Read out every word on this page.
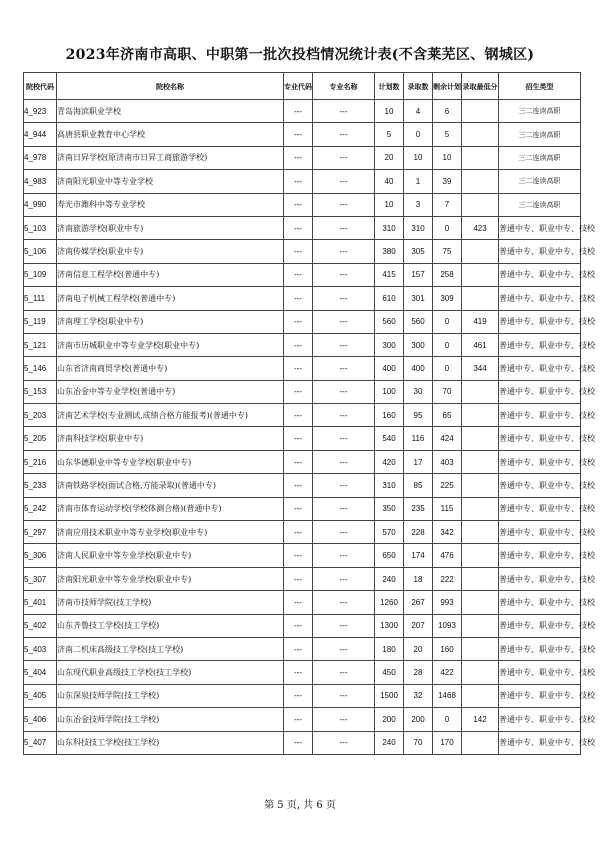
2023年济南市高职、中职第一批次投档情况统计表(不含莱芜区、钢城区)
院校代码	院校名称	专业代码	专业名称	计划数	录取数	剩余计划	录取最低分	招生类型
4_923	青岛海滨职业学校	---	---	10	4	6		三二连读高职
4_944	高唐县职业教育中心学校	---	---	5	0	5		三二连读高职
4_978	济南日昇学校(原济南市日昇工商旅游学校)	---	---	20	10	10		三二连读高职
4_983	济南阳光职业中等专业学校	---	---	40	1	39		三二连读高职
4_990	寿光市潍科中等专业学校	---	---	10	3	7		三二连读高职
5_103	济南旅游学校(职业中专)	---	---	310	310	0	423	普通中专、职业中专、技校
5_106	济南传媒学校(职业中专)	---	---	380	305	75		普通中专、职业中专、技校
5_109	济南信息工程学校(普通中专)	---	---	415	157	258		普通中专、职业中专、技校
5_111	济南电子机械工程学校(普通中专)	---	---	610	301	309		普通中专、职业中专、技校
5_119	济南理工学校(职业中专)	---	---	560	560	0	419	普通中专、职业中专、技校
5_121	济南市历城职业中等专业学校(职业中专)	---	---	300	300	0	461	普通中专、职业中专、技校
5_146	山东省济南商贸学校(普通中专)	---	---	400	400	0	344	普通中专、职业中专、技校
5_153	山东冶金中等专业学校(普通中专)	---	---	100	30	70		普通中专、职业中专、技校
5_203	济南艺术学校(专业测试,成绩合格方能报考)(普通中专)	---	---	160	95	65		普通中专、职业中专、技校
5_205	济南科技学校(职业中专)	---	---	540	116	424		普通中专、职业中专、技校
5_216	山东华德职业中等专业学校(职业中专)	---	---	420	17	403		普通中专、职业中专、技校
5_233	济南铁路学校(面试合格,方能录取)(普通中专)	---	---	310	85	225		普通中专、职业中专、技校
5_242	济南市体育运动学校(学校体测合格)(普通中专)	---	---	350	235	115		普通中专、职业中专、技校
5_297	济南应用技术职业中等专业学校(职业中专)	---	---	570	228	342		普通中专、职业中专、技校
5_306	济南人民职业中等专业学校(职业中专)	---	---	650	174	476		普通中专、职业中专、技校
5_307	济南阳光职业中等专业学校(职业中专)	---	---	240	18	222		普通中专、职业中专、技校
5_401	济南市技师学院(技工学校)	---	---	1260	267	993		普通中专、职业中专、技校
5_402	山东齐鲁技工学校(技工学校)	---	---	1300	207	1093		普通中专、职业中专、技校
5_403	济南二机床高级技工学校(技工学校)	---	---	180	20	160		普通中专、职业中专、技校
5_404	山东现代职业高级技工学校(技工学校)	---	---	450	28	422		普通中专、职业中专、技校
5_405	山东深泉技师学院(技工学校)	---	---	1500	32	1468		普通中专、职业中专、技校
5_406	山东冶金技师学院(技工学校)	---	---	200	200	0	142	普通中专、职业中专、技校
5_407	山东科技技工学校(技工学校)	---	---	240	70	170		普通中专、职业中专、技校
第 5 页, 共 6 页
